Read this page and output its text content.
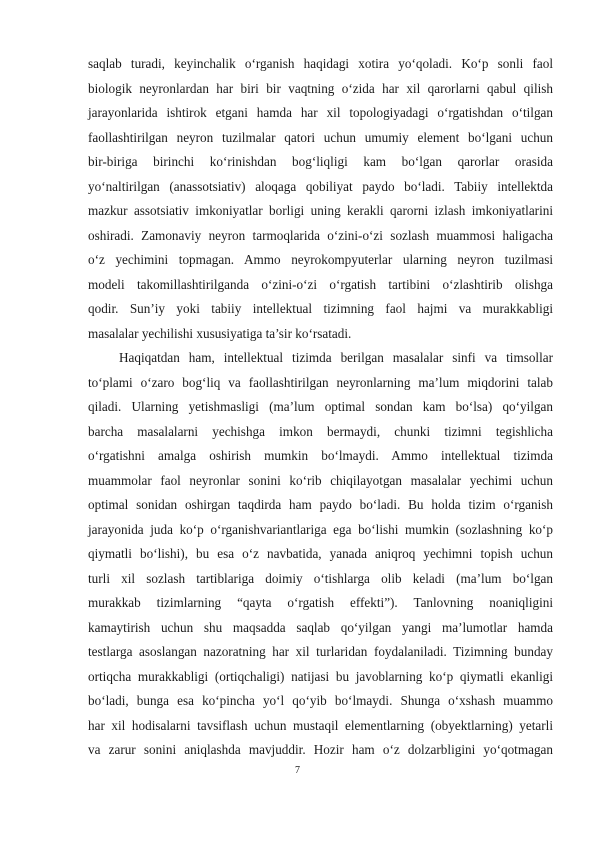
saqlab turadi, keyinchalik o‘rganish haqidagi xotira yo‘qoladi. Ko‘p sonli faol
biologik neyronlardan har biri bir vaqtning o‘zida har xil qarorlarni qabul qilish
jarayonlarida ishtirok etgani hamda har xil topologiyadagi o‘rgatishdan o‘tilgan
faollashtirilgan neyron tuzilmalar qatori uchun umumiy element bo‘lgani uchun
bir-biriga birinchi ko‘rinishdan bog‘liqligi kam bo‘lgan qarorlar orasida
yo‘naltirilgan (anassotsiativ) aloqaga qobiliyat paydo bo‘ladi. Tabiiy intellektda
mazkur assotsiativ imkoniyatlar borligi uning kerakli qarorni izlash imkoniyatlarini
oshiradi. Zamonaviy neyron tarmoqlarida o‘zini-o‘zi sozlash muammosi haligacha
o‘z yechimini topmagan. Ammo neyrokompyuterlar ularning neyron tuzilmasi
modeli takomillashtirilganda o‘zini-o‘zi o‘rgatish tartibini o‘zlashtirib olishga
qodir. Sun’iy yoki tabiiy intellektual tizimning faol hajmi va murakkabligi
masalalar yechilishi xususiyatiga ta’sir ko‘rsatadi.
Haqiqatdan ham, intellektual tizimda berilgan masalalar sinfi va timsollar
to‘plami o‘zaro bog‘liq va faollashtirilgan neyronlarning ma’lum miqdorini talab
qiladi. Ularning yetishmasligi (ma’lum optimal sondan kam bo‘lsa) qo‘yilgan
barcha masalalarni yechishga imkon bermaydi, chunki tizimni tegishlicha
o‘rgatishni amalga oshirish mumkin bo‘lmaydi. Ammo intellektual tizimda
muammolar faol neyronlar sonini ko‘rib chiqilayotgan masalalar yechimi uchun
optimal sonidan oshirgan taqdirda ham paydo bo‘ladi. Bu holda tizim o‘rganish
jarayonida juda ko‘p o‘rganishvariantlariga ega bo‘lishi mumkin (sozlashning ko‘p
qiymatli bo‘lishi), bu esa o‘z navbatida, yanada aniqroq yechimni topish uchun
turli xil sozlash tartiblariga doimiy o‘tishlarga olib keladi (ma’lum bo‘lgan
murakkab tizimlarning “qayta o‘rgatish effekti”). Tanlovning noaniqligini
kamaytirish uchun shu maqsadda saqlab qo‘yilgan yangi ma’lumotlar hamda
testlarga asoslangan nazoratning har xil turlaridan foydalaniladi. Tizimning bunday
ortiqcha murakkabligi (ortiqchaligi) natijasi bu javoblarning ko‘p qiymatli ekanligi
bo‘ladi, bunga esa ko‘pincha yo‘l qo‘yib bo‘lmaydi. Shunga o‘xshash muammo
har xil hodisalarni tavsiflash uchun mustaqil elementlarning (obyektlarning) yetarli
va zarur sonini aniqlashda mavjuddir. Hozir ham o‘z dolzarbligini yo‘qotmagan
7
